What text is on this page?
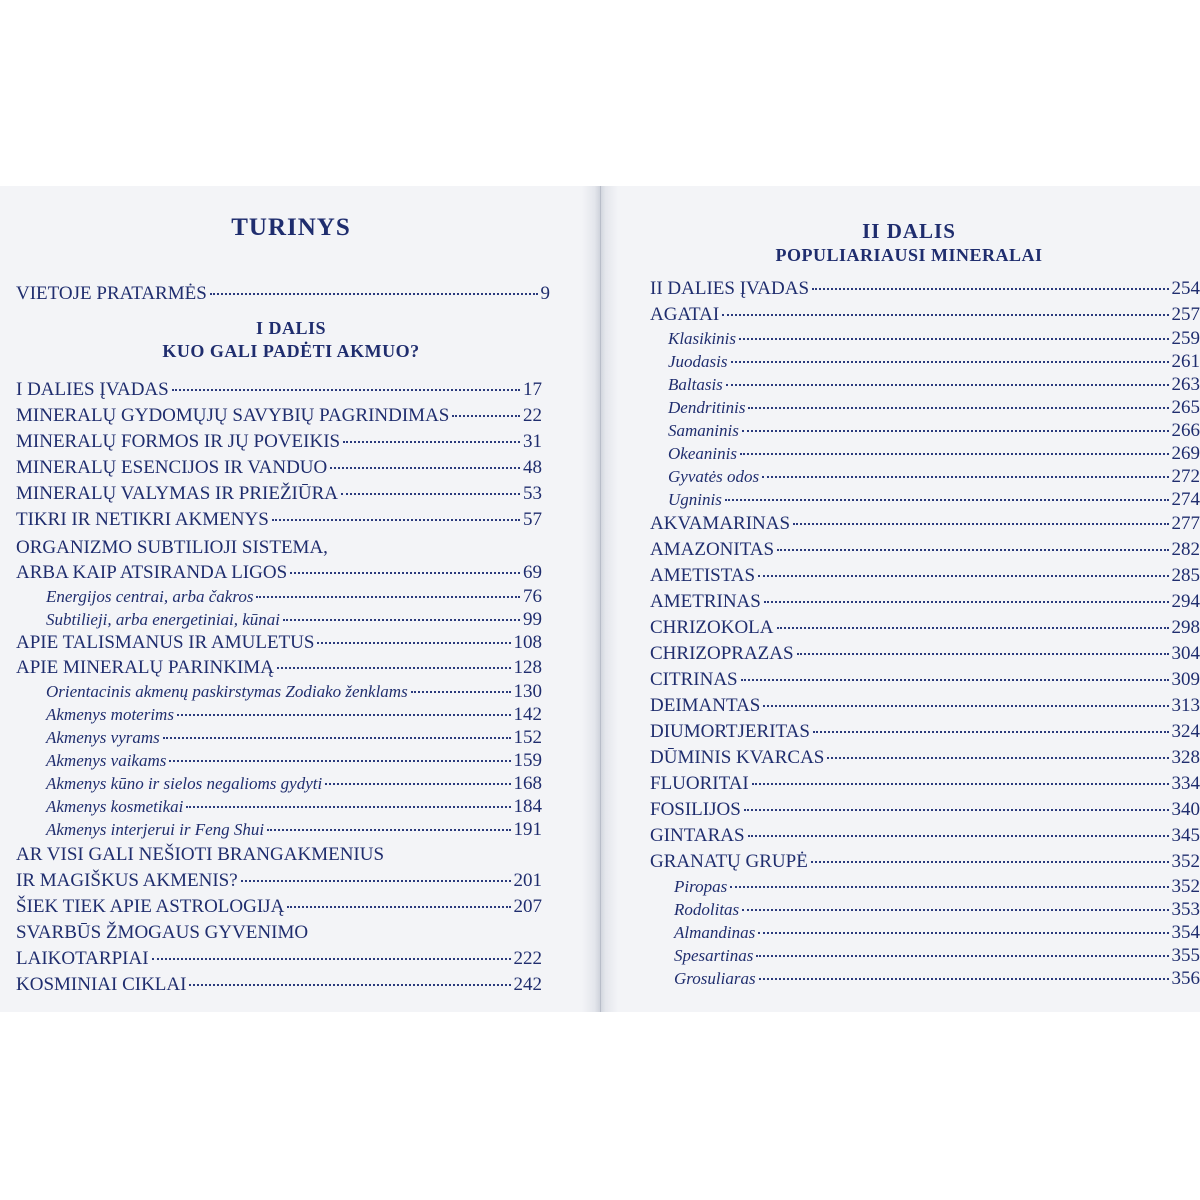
TURINYS
VIETOJE PRATARMĖS	9
I DALIS
KUO GALI PADĖTI AKMUO?
I DALIES ĮVADAS	17
MINERALŲ GYDOMŲJŲ SAVYBIŲ PAGRINDIMAS	22
MINERALŲ FORMOS IR JŲ POVEIKIS	31
MINERALŲ ESENCIJOS IR VANDUO	48
MINERALŲ VALYMAS IR PRIEŽIŪRA	53
TIKRI IR NETIKRI AKMENYS	57
ORGANIZMO SUBTILIOJI SISTEMA,
ARBA KAIP ATSIRANDA LIGOS	69
Energijos centrai, arba čakros	76
Subtilieji, arba energetiniai, kūnai	99
APIE TALISMANUS IR AMULETUS	108
APIE MINERALŲ PARINKIMĄ	128
Orientacinis akmenų paskirstymas Zodiako ženklams	130
Akmenys moterims	142
Akmenys vyrams	152
Akmenys vaikams	159
Akmenys kūno ir sielos negalioms gydyti	168
Akmenys kosmetikai	184
Akmenys interjerui ir Feng Shui	191
AR VISI GALI NEŠIOTI BRANGAKMENIUS
IR MAGIŠKUS AKMENIS?	201
ŠIEK TIEK APIE ASTROLOGIJĄ	207
SVARBŪS ŽMOGAUS GYVENIMO
LAIKOTARPIAI	222
KOSMINIAI CIKLAI	242
II DALIS
POPULIARIAUSI MINERALAI
II DALIES ĮVADAS	254
AGATAI	257
Klasikinis	259
Juodasis	261
Baltasis	263
Dendritinis	265
Samaninis	266
Okeaninis	269
Gyvatės odos	272
Ugninis	274
AKVAMARINAS	277
AMAZONITAS	282
AMETISTAS	285
AMETRINAS	294
CHRIZOKOLA	298
CHRIZOPRAZAS	304
CITRINAS	309
DEIMANTAS	313
DIUMORTJERITAS	324
DŪMINIS KVARCAS	328
FLUORITAI	334
FOSILIJOS	340
GINTARAS	345
GRANATŲ GRUPĖ	352
Piropas	352
Rodolitas	353
Almandinas	354
Spesartinas	355
Grosuliaras	356
